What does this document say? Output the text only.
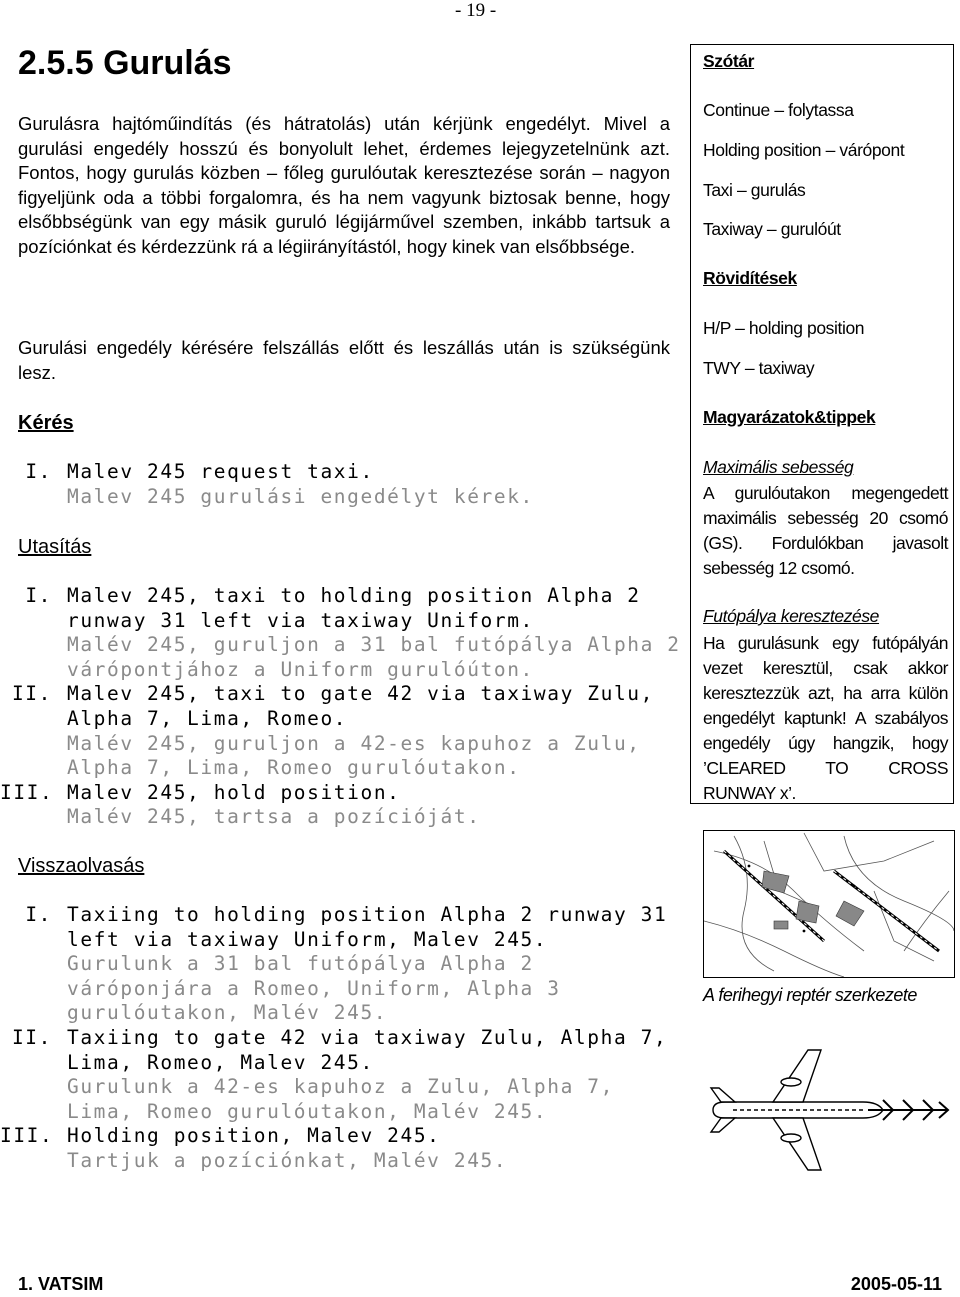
- 19 -
2.5.5 Gurulás
Gurulásra hajtóműindítás (és hátratolás) után kérjünk engedélyt. Mivel a gurulási engedély hosszú és bonyolult lehet, érdemes lejegyzetelnünk azt. Fontos, hogy gurulás közben – főleg gurulóutak keresztezése során – nagyon figyeljünk oda a többi forgalomra, és ha nem vagyunk biztosak benne, hogy elsőbbségünk van egy másik guruló légijárművel szemben, inkább tartsuk a pozíciónkat és kérdezzünk rá a légiirányítástól, hogy kinek van elsőbbsége.
Gurulási engedély kérésére felszállás előtt és leszállás után is szükségünk lesz.
Kérés
I. Malev 245 request taxi.
Malev 245 gurulási engedélyt kérek.
Utasítás
I. Malev 245, taxi to holding position Alpha 2
runway 31 left via taxiway Uniform.
Malév 245, guruljon a 31 bal futópálya Alpha 2
várópontjához a Uniform gurulóúton.
II. Malev 245, taxi to gate 42 via taxiway Zulu,
Alpha 7, Lima, Romeo.
Malév 245, guruljon a 42-es kapuhoz a Zulu,
Alpha 7, Lima, Romeo gurulóutakon.
III. Malev 245, hold position.
Malév 245, tartsa a pozícióját.
Visszaolvasás
I. Taxiing to holding position Alpha 2 runway 31
left via taxiway Uniform, Malev 245.
Gurulunk a 31 bal futópálya Alpha 2
váróponjára a Romeo, Uniform, Alpha 3
gurulóutakon, Malév 245.
II. Taxiing to gate 42 via taxiway Zulu, Alpha 7,
Lima, Romeo, Malev 245.
Gurulunk a 42-es kapuhoz a Zulu, Alpha 7,
Lima, Romeo gurulóutakon, Malév 245.
III. Holding position, Malev 245.
Tartjuk a pozíciónkat, Malév 245.
Szótár
Continue – folytassa
Holding position – várópont
Taxi – gurulás
Taxiway – gurulóút
Rövidítések
H/P – holding position
TWY – taxiway
Magyarázatok&tippek
Maximális sebesség
A gurulóutakon megengedett maximális sebesség 20 csomó (GS). Fordulókban javasolt sebesség 12 csomó.
Futópálya keresztezése
Ha gurulásunk egy futópályán vezet keresztül, csak akkor keresztezzük azt, ha arra külön engedélyt kaptunk! A szabályos engedély úgy hangzik, hogy ’CLEARED TO CROSS RUNWAY x’.
A ferihegyi reptér szerkezete
1. VATSIM	2005-05-11
